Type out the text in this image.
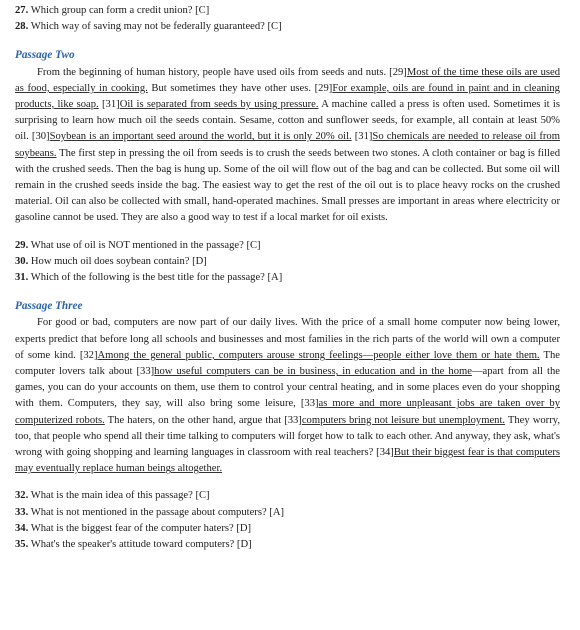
27. Which group can form a credit union? [C]
28. Which way of saving may not be federally guaranteed? [C]
Passage Two
From the beginning of human history, people have used oils from seeds and nuts. [29]Most of the time these oils are used as food, especially in cooking. But sometimes they have other uses. [29]For example, oils are found in paint and in cleaning products, like soap. [31]Oil is separated from seeds by using pressure. A machine called a press is often used. Sometimes it is surprising to learn how much oil the seeds contain. Sesame, cotton and sunflower seeds, for example, all contain at least 50% oil. [30]Soybean is an important seed around the world, but it is only 20% oil. [31]So chemicals are needed to release oil from soybeans. The first step in pressing the oil from seeds is to crush the seeds between two stones. A cloth container or bag is filled with the crushed seeds. Then the bag is hung up. Some of the oil will flow out of the bag and can be collected. But some oil will remain in the crushed seeds inside the bag. The easiest way to get the rest of the oil out is to place heavy rocks on the crushed material. Oil can also be collected with small, hand-operated machines. Small presses are important in areas where electricity or gasoline cannot be used. They are also a good way to test if a local market for oil exists.
29. What use of oil is NOT mentioned in the passage? [C]
30. How much oil does soybean contain? [D]
31. Which of the following is the best title for the passage? [A]
Passage Three
For good or bad, computers are now part of our daily lives. With the price of a small home computer now being lower, experts predict that before long all schools and businesses and most families in the rich parts of the world will own a computer of some kind. [32]Among the general public, computers arouse strong feelings—people either love them or hate them. The computer lovers talk about [33]how useful computers can be in business, in education and in the home—apart from all the games, you can do your accounts on them, use them to control your central heating, and in some places even do your shopping with them. Computers, they say, will also bring some leisure, [33]as more and more unpleasant jobs are taken over by computerized robots. The haters, on the other hand, argue that [33]computers bring not leisure but unemployment. They worry, too, that people who spend all their time talking to computers will forget how to talk to each other. And anyway, they ask, what's wrong with going shopping and learning languages in classroom with real teachers? [34]But their biggest fear is that computers may eventually replace human beings altogether.
32. What is the main idea of this passage? [C]
33. What is not mentioned in the passage about computers? [A]
34. What is the biggest fear of the computer haters? [D]
35. What's the speaker's attitude toward computers? [D]
